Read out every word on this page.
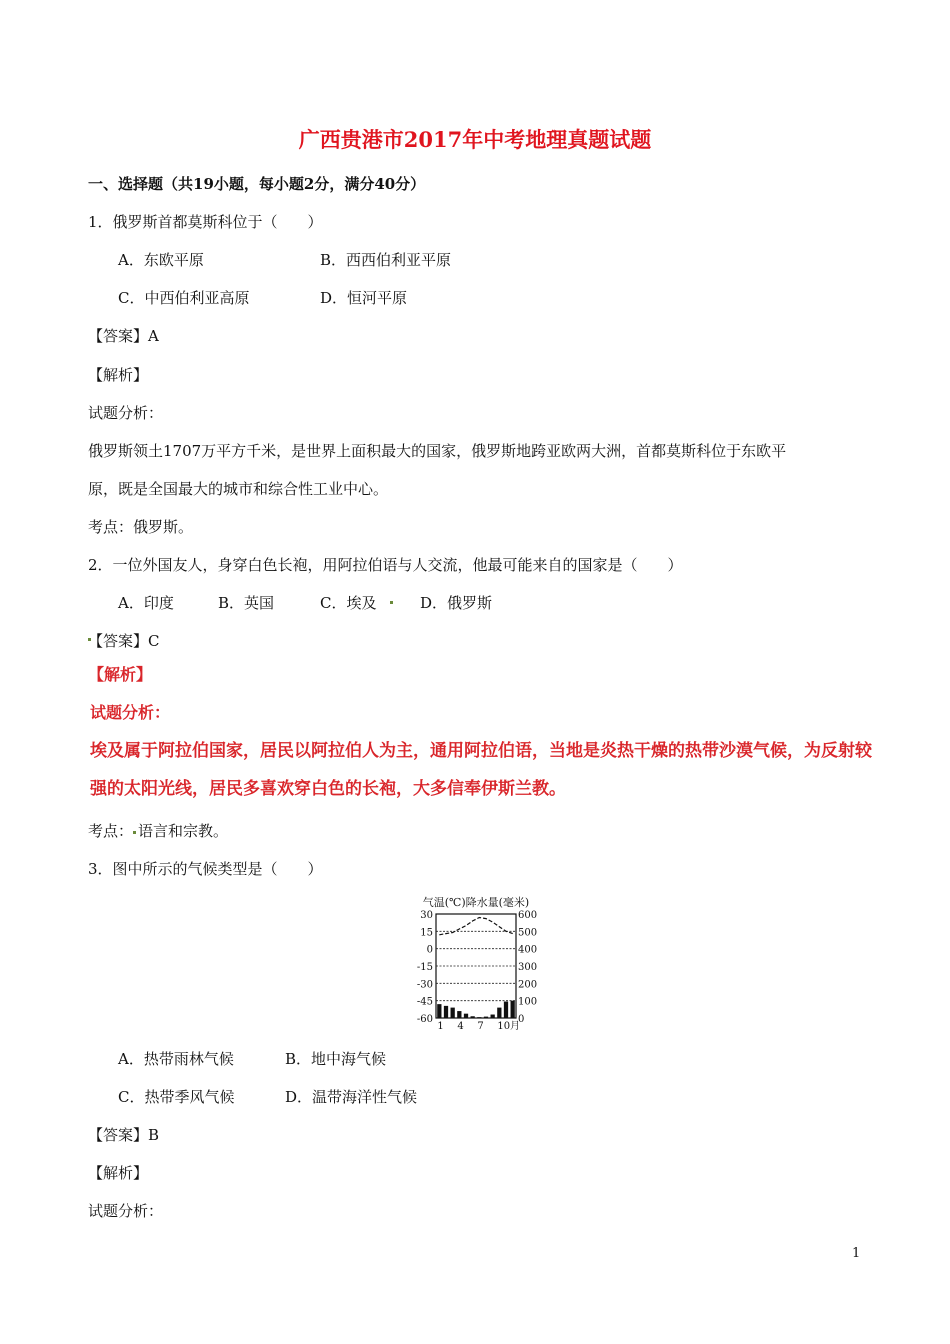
广西贵港市2017年中考地理真题试题
一、选择题（共19小题，每小题2分，满分40分）
1．俄罗斯首都莫斯科位于（　　）
A．东欧平原	B．西西伯利亚平原
C．中西伯利亚高原	D．恒河平原
【答案】A
【解析】
试题分析：
俄罗斯领土1707万平方千米，是世界上面积最大的国家，俄罗斯地跨亚欧两大洲，首都莫斯科位于东欧平
原，既是全国最大的城市和综合性工业中心。
考点：俄罗斯。
2．一位外国友人，身穿白色长袍，用阿拉伯语与人交流，他最可能来自的国家是（　　）
A．印度	B．英国	C．埃及	D．俄罗斯
【答案】C
【解析】
试题分析：
埃及属于阿拉伯国家，居民以阿拉伯人为主，通用阿拉伯语，当地是炎热干燥的热带沙漠气候，为反射较
强的太阳光线，居民多喜欢穿白色的长袍，大多信奉伊斯兰教。
考点： 语言和宗教。
3．图中所示的气候类型是（　　）
气温(℃)降水量(毫米)
30
15
0
-15
-30
-45
-60
600
500
400
300
200
100
0
1 4 7 10月
A．热带雨林气候	B．地中海气候
C．热带季风气候	D．温带海洋性气候
【答案】B
【解析】
试题分析：
1
